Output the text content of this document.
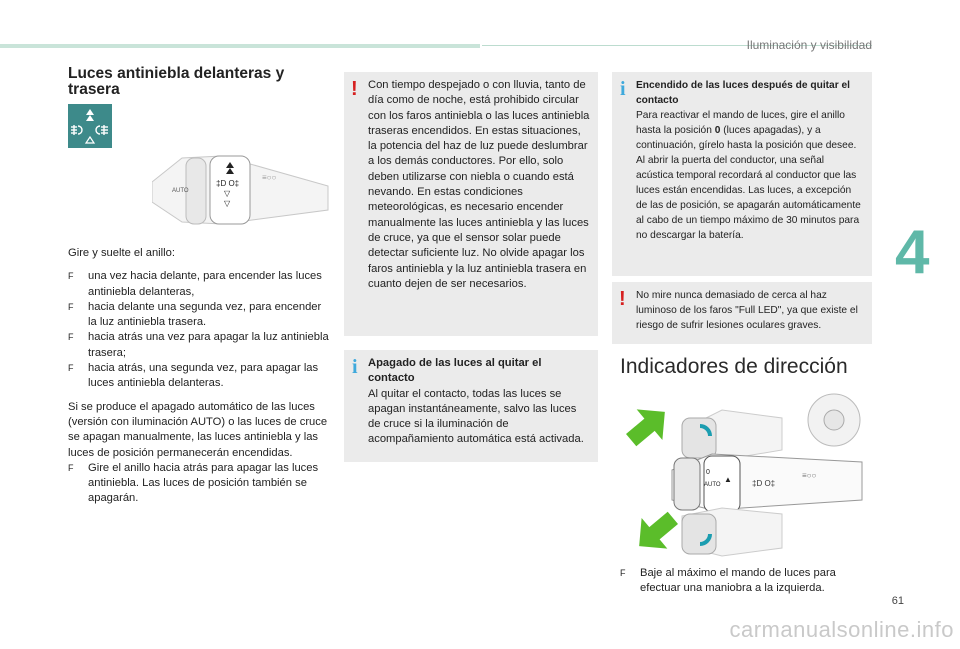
Iluminación y visibilidad
4
Luces antiniebla delanteras y trasera
‡D O‡
▽
▽
AUTO
≡○○

Gire y suelte el anillo:

F una vez hacia delante, para encender las luces antiniebla delanteras,
F hacia delante una segunda vez, para encender la luz antiniebla trasera.
F hacia atrás una vez para apagar la luz antiniebla trasera;
F hacia atrás, una segunda vez, para apagar las luces antiniebla delanteras.

Si se produce el apagado automático de las luces (versión con iluminación AUTO) o las luces de cruce se apagan manualmente, las luces antiniebla y las luces de posición permanecerán encendidas.

F Gire el anillo hacia atrás para apagar las luces antiniebla. Las luces de posición también se apagarán.
! Con tiempo despejado o con lluvia, tanto de día como de noche, está prohibido circular con los faros antiniebla o las luces antiniebla traseras encendidos. En estas situaciones, la potencia del haz de luz puede deslumbrar a los demás conductores. Por ello, solo deben utilizarse con niebla o cuando está nevando. En estas condiciones meteorológicas, es necesario encender manualmente las luces antiniebla y las luces de cruce, ya que el sensor solar puede detectar suficiente luz. No olvide apagar los faros antiniebla y la luz antiniebla trasera en cuanto dejen de ser necesarios.
i Apagado de las luces al quitar el contacto
Al quitar el contacto, todas las luces se apagan instantáneamente, salvo las luces de cruce si la iluminación de acompañamiento automática está activada.
i Encendido de las luces después de quitar el contacto
Para reactivar el mando de luces, gire el anillo hasta la posición 0 (luces apagadas), y a continuación, gírelo hasta la posición que desee. Al abrir la puerta del conductor, una señal acústica temporal recordará al conductor que las luces están encendidas. Las luces, a excepción de las de posición, se apagarán automáticamente al cabo de un tiempo máximo de 30 minutos para no descargar la batería.
! No mire nunca demasiado de cerca al haz luminoso de los faros "Full LED", ya que existe el riesgo de sufrir lesiones oculares graves.
Indicadores de dirección
0
AUTO
▲	‡D O‡
≡○○
F Baje al máximo el mando de luces para efectuar una maniobra a la izquierda.
61
carmanualsonline.info
